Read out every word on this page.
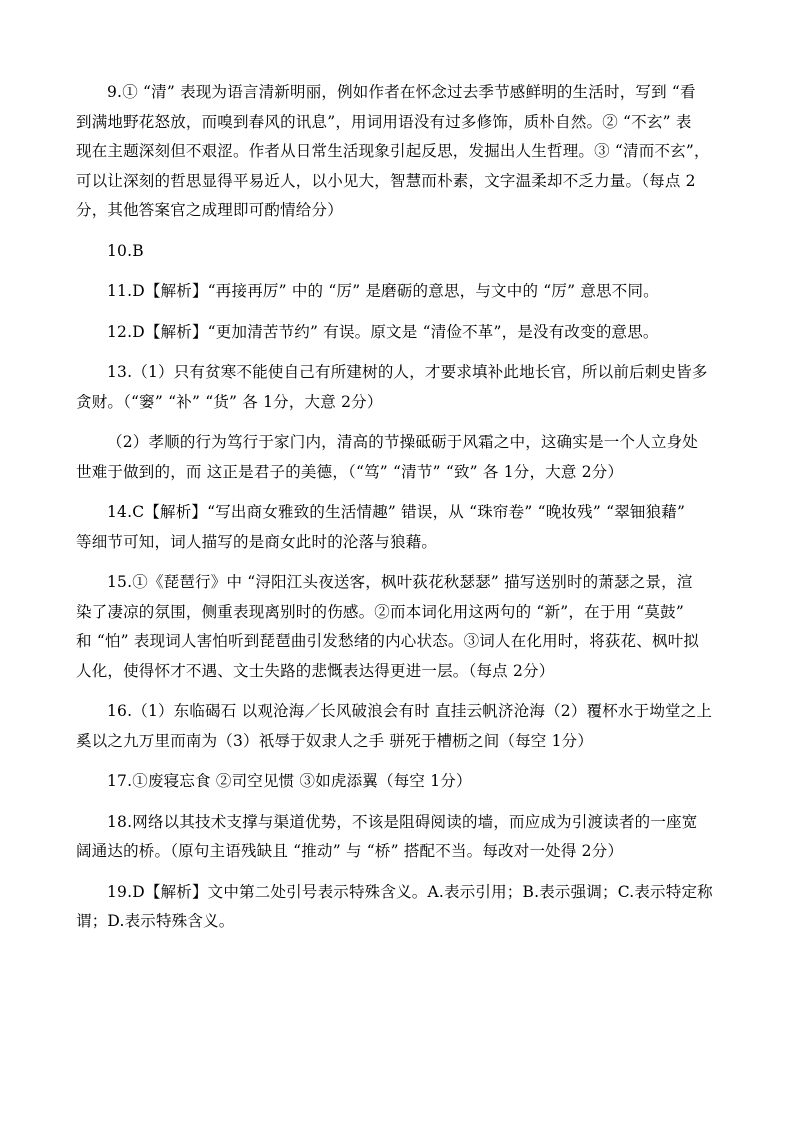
9.① “清” 表现为语言清新明丽，例如作者在怀念过去季节感鲜明的生活时，写到 “看
到满地野花怒放，而嗅到春风的讯息”，用词用语没有过多修饰，质朴自然。② “不玄” 表
现在主题深刻但不艰涩。作者从日常生活现象引起反思，发掘出人生哲理。③ “清而不玄”，
可以让深刻的哲思显得平易近人，以小见大，智慧而朴素，文字温柔却不乏力量。（每点 2
分，其他答案官之成理即可酌情给分）
10.B
11.D【解析】“再接再厉” 中的 “厉” 是磨砺的意思，与文中的 “厉” 意思不同。
12.D【解析】“更加清苦节约” 有误。原文是 “清俭不革”，是没有改变的意思。
13.（1）只有贫寒不能使自己有所建树的人，才要求填补此地长官，所以前后刺史皆多
贪财。（“窭” “补” “货” 各 1分，大意 2分）
（2）孝顺的行为笃行于家门内，清高的节操砥砺于风霜之中，这确实是一个人立身处
世难于做到的，而 这正是君子的美德，（“笃” “清节” “致” 各 1分，大意 2分）
14.C【解析】“写出商女雅致的生活情趣” 错误，从 “珠帘卷” “晚妆残” “翠钿狼藉”
等细节可知，词人描写的是商女此时的沦落与狼藉。
15.①《琵琶行》中 “浔阳江头夜送客，枫叶荻花秋瑟瑟” 描写送别时的萧瑟之景，渲
染了凄凉的氛围，侧重表现离别时的伤感。②而本词化用这两句的 “新”，在于用 “莫鼓”
和 “怕” 表现词人害怕听到琵琶曲引发愁绪的内心状态。③词人在化用时，将荻花、枫叶拟
人化，使得怀才不遇、文士失路的悲慨表达得更进一层。（每点 2分）
16.（1）东临碣石 以观沧海／长风破浪会有时 直挂云帆济沧海（2）覆杯水于坳堂之上
奚以之九万里而南为（3）祇辱于奴隶人之手 骈死于槽枥之间（每空 1分）
17.①废寝忘食 ②司空见惯 ③如虎添翼（每空 1分）
18.网络以其技术支撑与渠道优势，不该是阻碍阅读的墙，而应成为引渡读者的一座宽
阔通达的桥。（原句主语残缺且 “推动” 与 “桥” 搭配不当。每改对一处得 2分）
19.D【解析】文中第二处引号表示特殊含义。A.表示引用；B.表示强调；C.表示特定称
谓；D.表示特殊含义。
